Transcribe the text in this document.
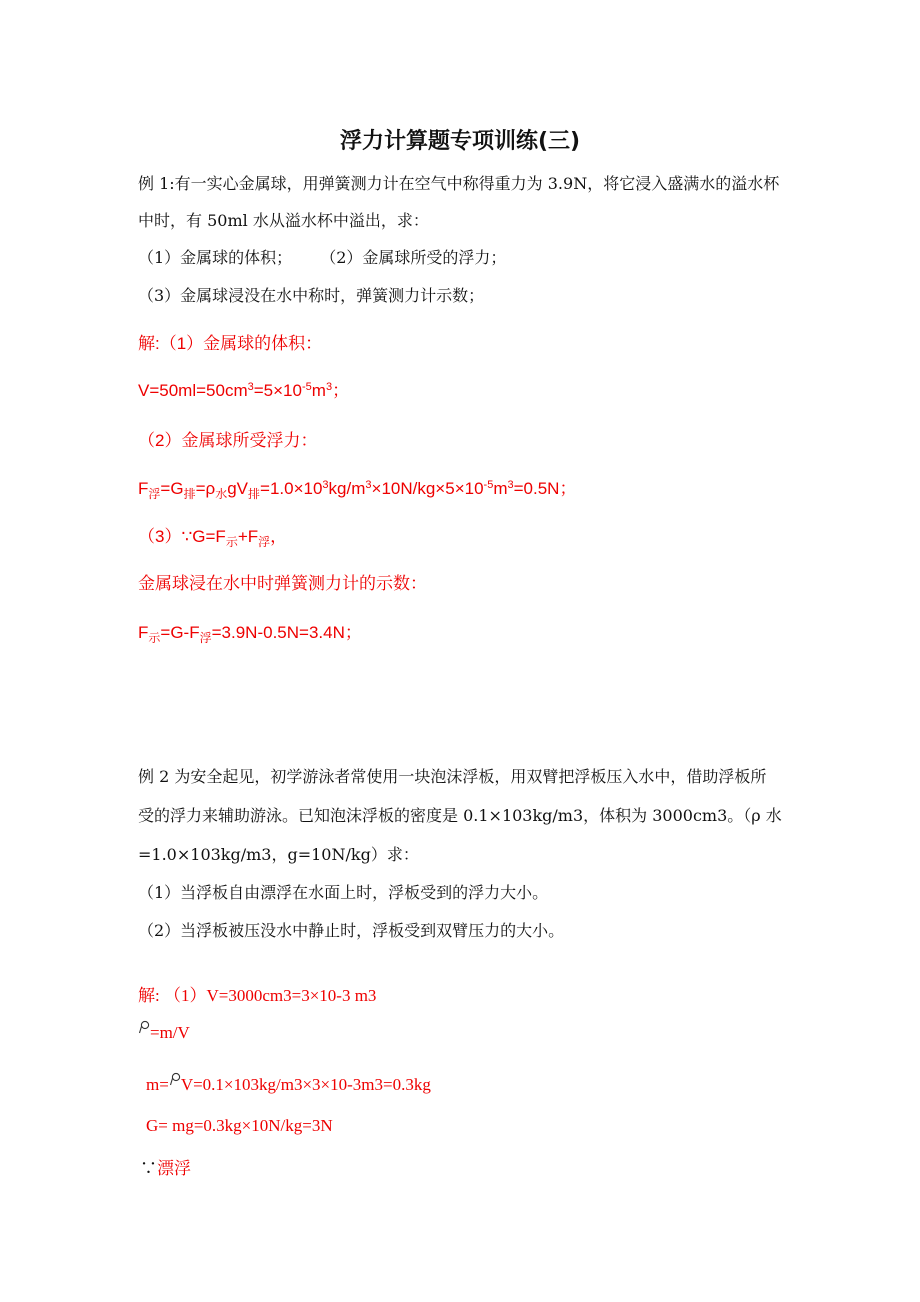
浮力计算题专项训练(三)
例 1:有一实心金属球，用弹簧测力计在空气中称得重力为 3.9N，将它浸入盛满水的溢水杯
中时，有 50ml 水从溢水杯中溢出，求：
（1）金属球的体积； （2）金属球所受的浮力；
（3）金属球浸没在水中称时，弹簧测力计示数；
解:（1）金属球的体积：
$V=50ml=50cm^3=5\times 10^{-5}m^3$；
（2）金属球所受浮力：
$F_浮=G_排=\rho_水gV_排=1.0\times 10^3kg/m^3\times 10N/kg\times 5\times 10^{-5}m^3=0.5N$；
$(3)\because G=F_示+F_浮$，
金属球浸在水中时弹簧测力计的示数：
$F_示=G-F_浮=3.9N-0.5N=3.4N$；
例 2 为安全起见，初学游泳者常使用一块泡沫浮板，用双臂把浮板压入水中，借助浮板所
受的浮力来辅助游泳。已知泡沫浮板的密度是 0.1×103kg/m3，体积为 3000cm3。（ρ 水
=1.0×103kg/m3，g=10N/kg）求：
（1）当浮板自由漂浮在水面上时，浮板受到的浮力大小。
（2）当浮板被压没水中静止时，浮板受到双臂压力的大小。
解: （1）V=3000cm3=3×10-3 m3
=m/V
m= V=0.1×103kg/m3×3×10-3m3=0.3kg
G= mg=0.3kg×10N/kg=3N
∵漂浮
